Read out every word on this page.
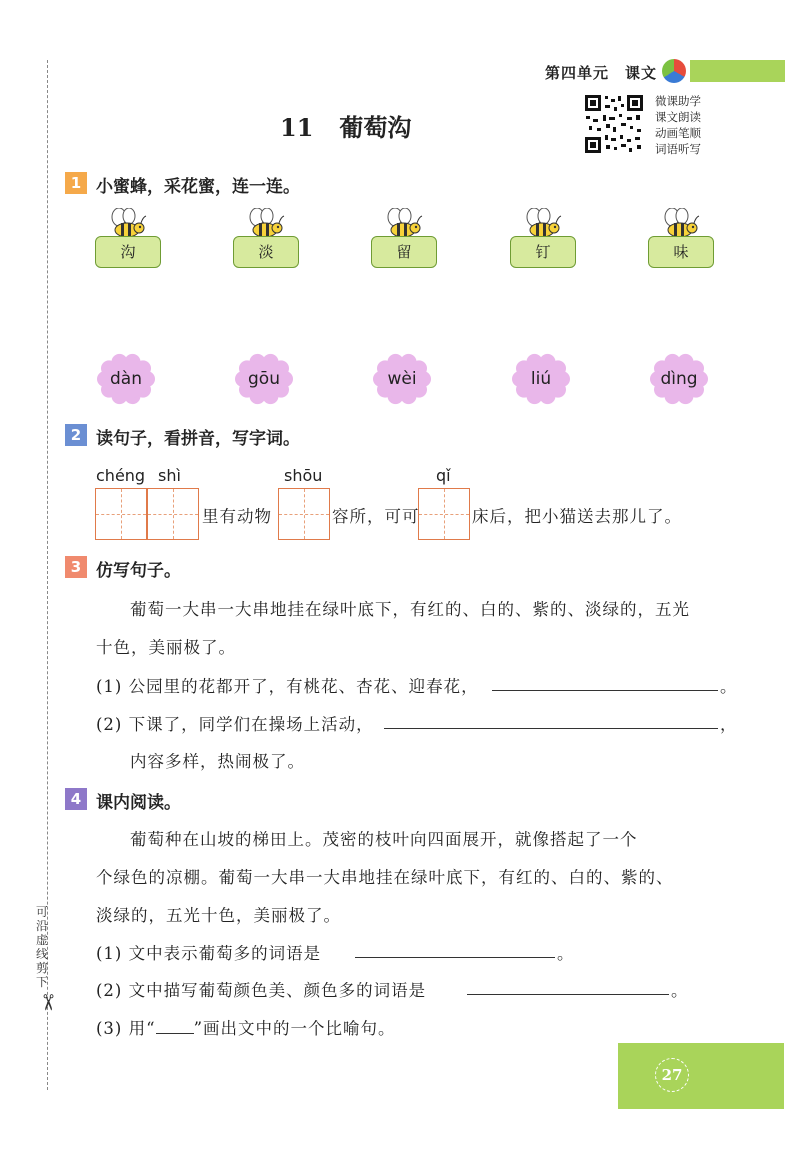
可沿虚线剪下
✂
第四单元　课文
11 葡萄沟
微课助学
课文朗读
动画笔顺
词语听写
1 小蜜蜂，采花蜜，连一连。
沟	淡	留	钉	味
dàn	gōu	wèi	liú	dìng
2 读句子，看拼音，写字词。
chéng shì	shōu	qǐ
里有动物	容所，可可	床后，把小猫送去那儿了。
3 仿写句子。
葡萄一大串一大串地挂在绿叶底下，有红的、白的、紫的、淡绿的，五光
十色，美丽极了。
(1) 公园里的花都开了，有桃花、杏花、迎春花，	。
(2) 下课了，同学们在操场上活动，	，
内容多样，热闹极了。
4 课内阅读。
葡萄种在山坡的梯田上。茂密的枝叶向四面展开，就像搭起了一个
个绿色的凉棚。葡萄一大串一大串地挂在绿叶底下，有红的、白的、紫的、
淡绿的，五光十色，美丽极了。
(1) 文中表示葡萄多的词语是	。
(2) 文中描写葡萄颜色美、颜色多的词语是	。
(3) 用“ ”画出文中的一个比喻句。
27
